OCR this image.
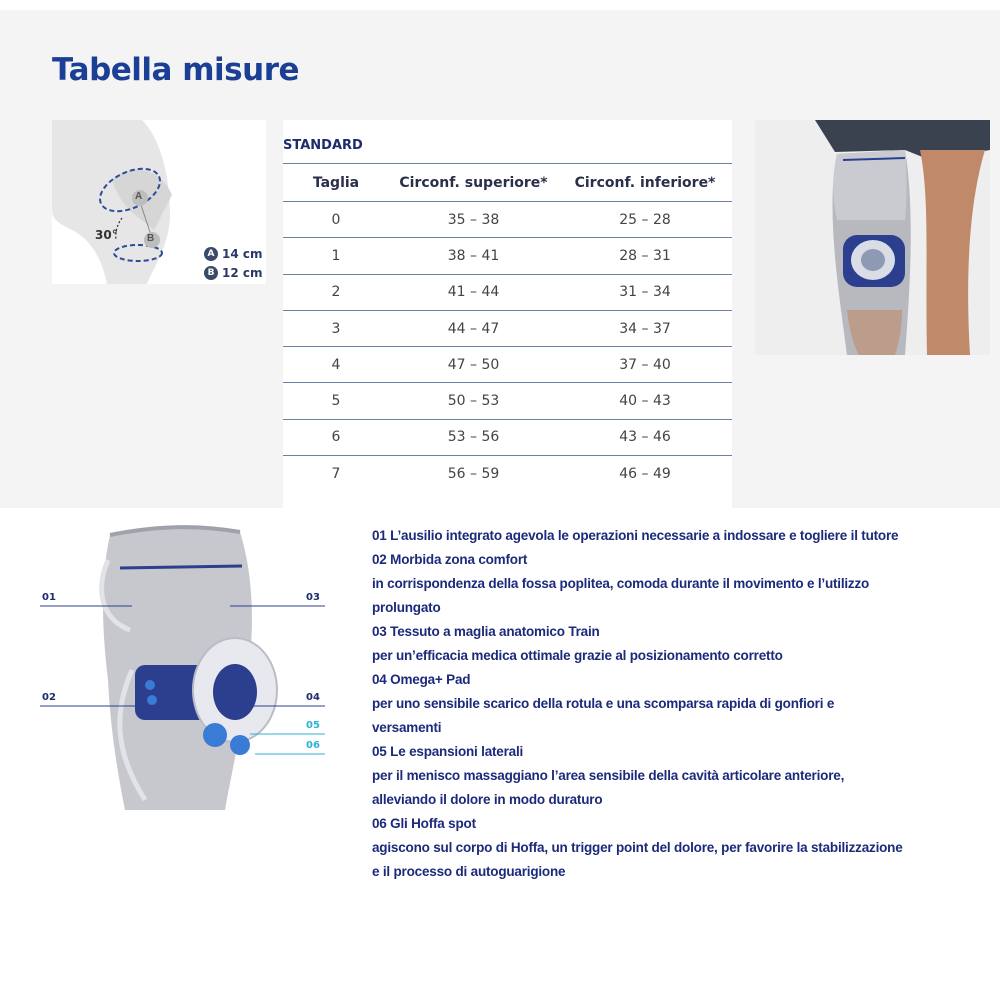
Tabella misure
A
B
30°
A 14 cm
B 12 cm
STANDARD
Taglia	Circonf. superiore*	Circonf. inferiore*
0	35 – 38	25 – 28
1	38 – 41	28 – 31
2	41 – 44	31 – 34
3	44 – 47	34 – 37
4	47 – 50	37 – 40
5	50 – 53	40 – 43
6	53 – 56	43 – 46
7	56 – 59	46 – 49
01
02
03
04
05
06
01 L’ausilio integrato agevola le operazioni necessarie a indossare e togliere il tutore
02 Morbida zona comfort
in corrispondenza della fossa poplitea, comoda durante il movimento e l’utilizzo
prolungato
03 Tessuto a maglia anatomico Train
per un’efficacia medica ottimale grazie al posizionamento corretto
04 Omega+ Pad
per uno sensibile scarico della rotula e una scomparsa rapida di gonfiori e
versamenti
05 Le espansioni laterali
per il menisco massaggiano l’area sensibile della cavità articolare anteriore,
alleviando il dolore in modo duraturo
06 Gli Hoffa spot
agiscono sul corpo di Hoffa, un trigger point del dolore, per favorire la stabilizzazione
e il processo di autoguarigione
